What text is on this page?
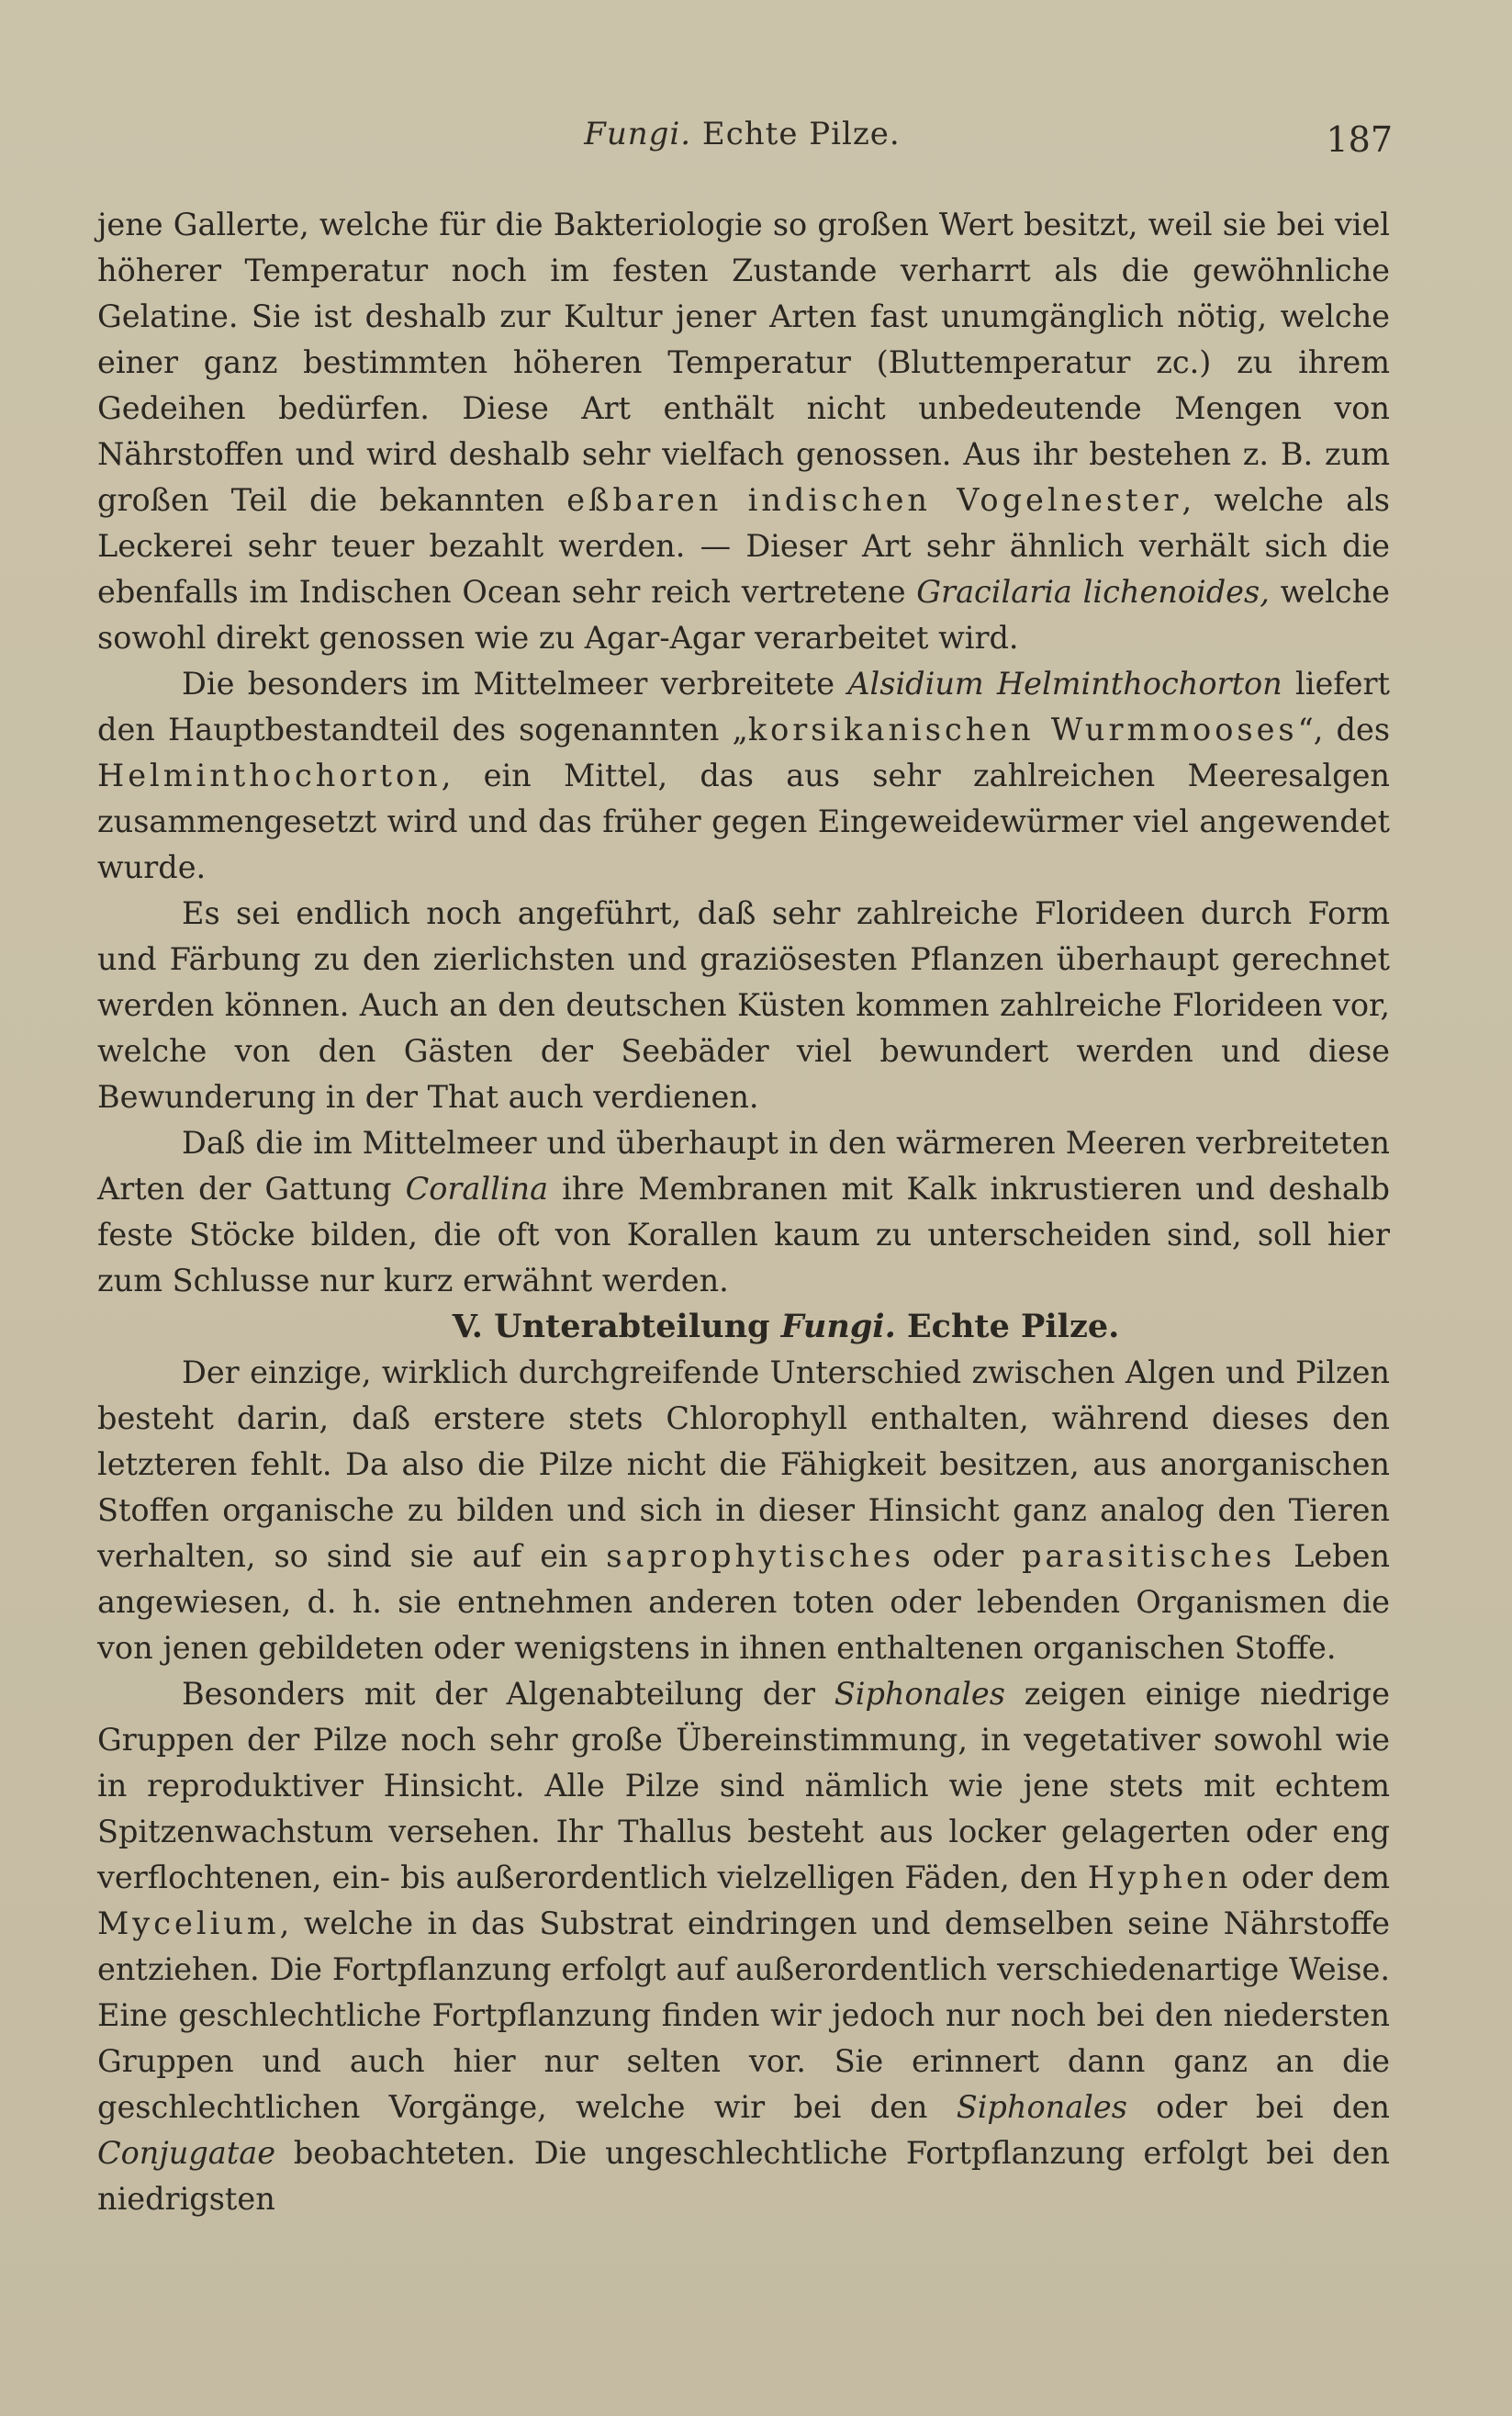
Fungi. Echte Pilze.	187

jene Gallerte, welche für die Bakteriologie so großen Wert besitzt, weil sie bei viel höherer Temperatur noch im festen Zustande verharrt als die gewöhnliche Gelatine. Sie ist deshalb zur Kultur jener Arten fast unumgänglich nötig, welche einer ganz bestimmten höheren Temperatur (Bluttemperatur zc.) zu ihrem Gedeihen bedürfen. Diese Art enthält nicht unbedeutende Mengen von Nährstoffen und wird deshalb sehr vielfach genossen. Aus ihr bestehen z. B. zum großen Teil die bekannten eßbaren indischen Vogelnester, welche als Leckerei sehr teuer bezahlt werden. — Dieser Art sehr ähnlich verhält sich die ebenfalls im Indischen Ocean sehr reich vertretene Gracilaria lichenoides, welche sowohl direkt genossen wie zu Agar-Agar verarbeitet wird.

Die besonders im Mittelmeer verbreitete Alsidium Helminthochorton liefert den Hauptbestandteil des sogenannten „korsikanischen Wurmmooses“, des Helminthochorton, ein Mittel, das aus sehr zahlreichen Meeresalgen zusammengesetzt wird und das früher gegen Eingeweidewürmer viel angewendet wurde.

Es sei endlich noch angeführt, daß sehr zahlreiche Florideen durch Form und Färbung zu den zierlichsten und graziösesten Pflanzen überhaupt gerechnet werden können. Auch an den deutschen Küsten kommen zahlreiche Florideen vor, welche von den Gästen der Seebäder viel bewundert werden und diese Bewunderung in der That auch verdienen.

Daß die im Mittelmeer und überhaupt in den wärmeren Meeren verbreiteten Arten der Gattung Corallina ihre Membranen mit Kalk inkrustieren und deshalb feste Stöcke bilden, die oft von Korallen kaum zu unterscheiden sind, soll hier zum Schlusse nur kurz erwähnt werden.

V. Unterabteilung Fungi. Echte Pilze.

Der einzige, wirklich durchgreifende Unterschied zwischen Algen und Pilzen besteht darin, daß erstere stets Chlorophyll enthalten, während dieses den letzteren fehlt. Da also die Pilze nicht die Fähigkeit besitzen, aus anorganischen Stoffen organische zu bilden und sich in dieser Hinsicht ganz analog den Tieren verhalten, so sind sie auf ein saprophytisches oder parasitisches Leben angewiesen, d. h. sie entnehmen anderen toten oder lebenden Organismen die von jenen gebildeten oder wenigstens in ihnen enthaltenen organischen Stoffe.

Besonders mit der Algenabteilung der Siphonales zeigen einige niedrige Gruppen der Pilze noch sehr große Übereinstimmung, in vegetativer sowohl wie in reproduktiver Hinsicht. Alle Pilze sind nämlich wie jene stets mit echtem Spitzenwachstum versehen. Ihr Thallus besteht aus locker gelagerten oder eng verflochtenen, ein- bis außerordentlich vielzelligen Fäden, den Hyphen oder dem Mycelium, welche in das Substrat eindringen und demselben seine Nährstoffe entziehen. Die Fortpflanzung erfolgt auf außerordentlich verschiedenartige Weise. Eine geschlechtliche Fortpflanzung finden wir jedoch nur noch bei den niedersten Gruppen und auch hier nur selten vor. Sie erinnert dann ganz an die geschlechtlichen Vorgänge, welche wir bei den Siphonales oder bei den Conjugatae beobachteten. Die ungeschlechtliche Fortpflanzung erfolgt bei den niedrigsten
